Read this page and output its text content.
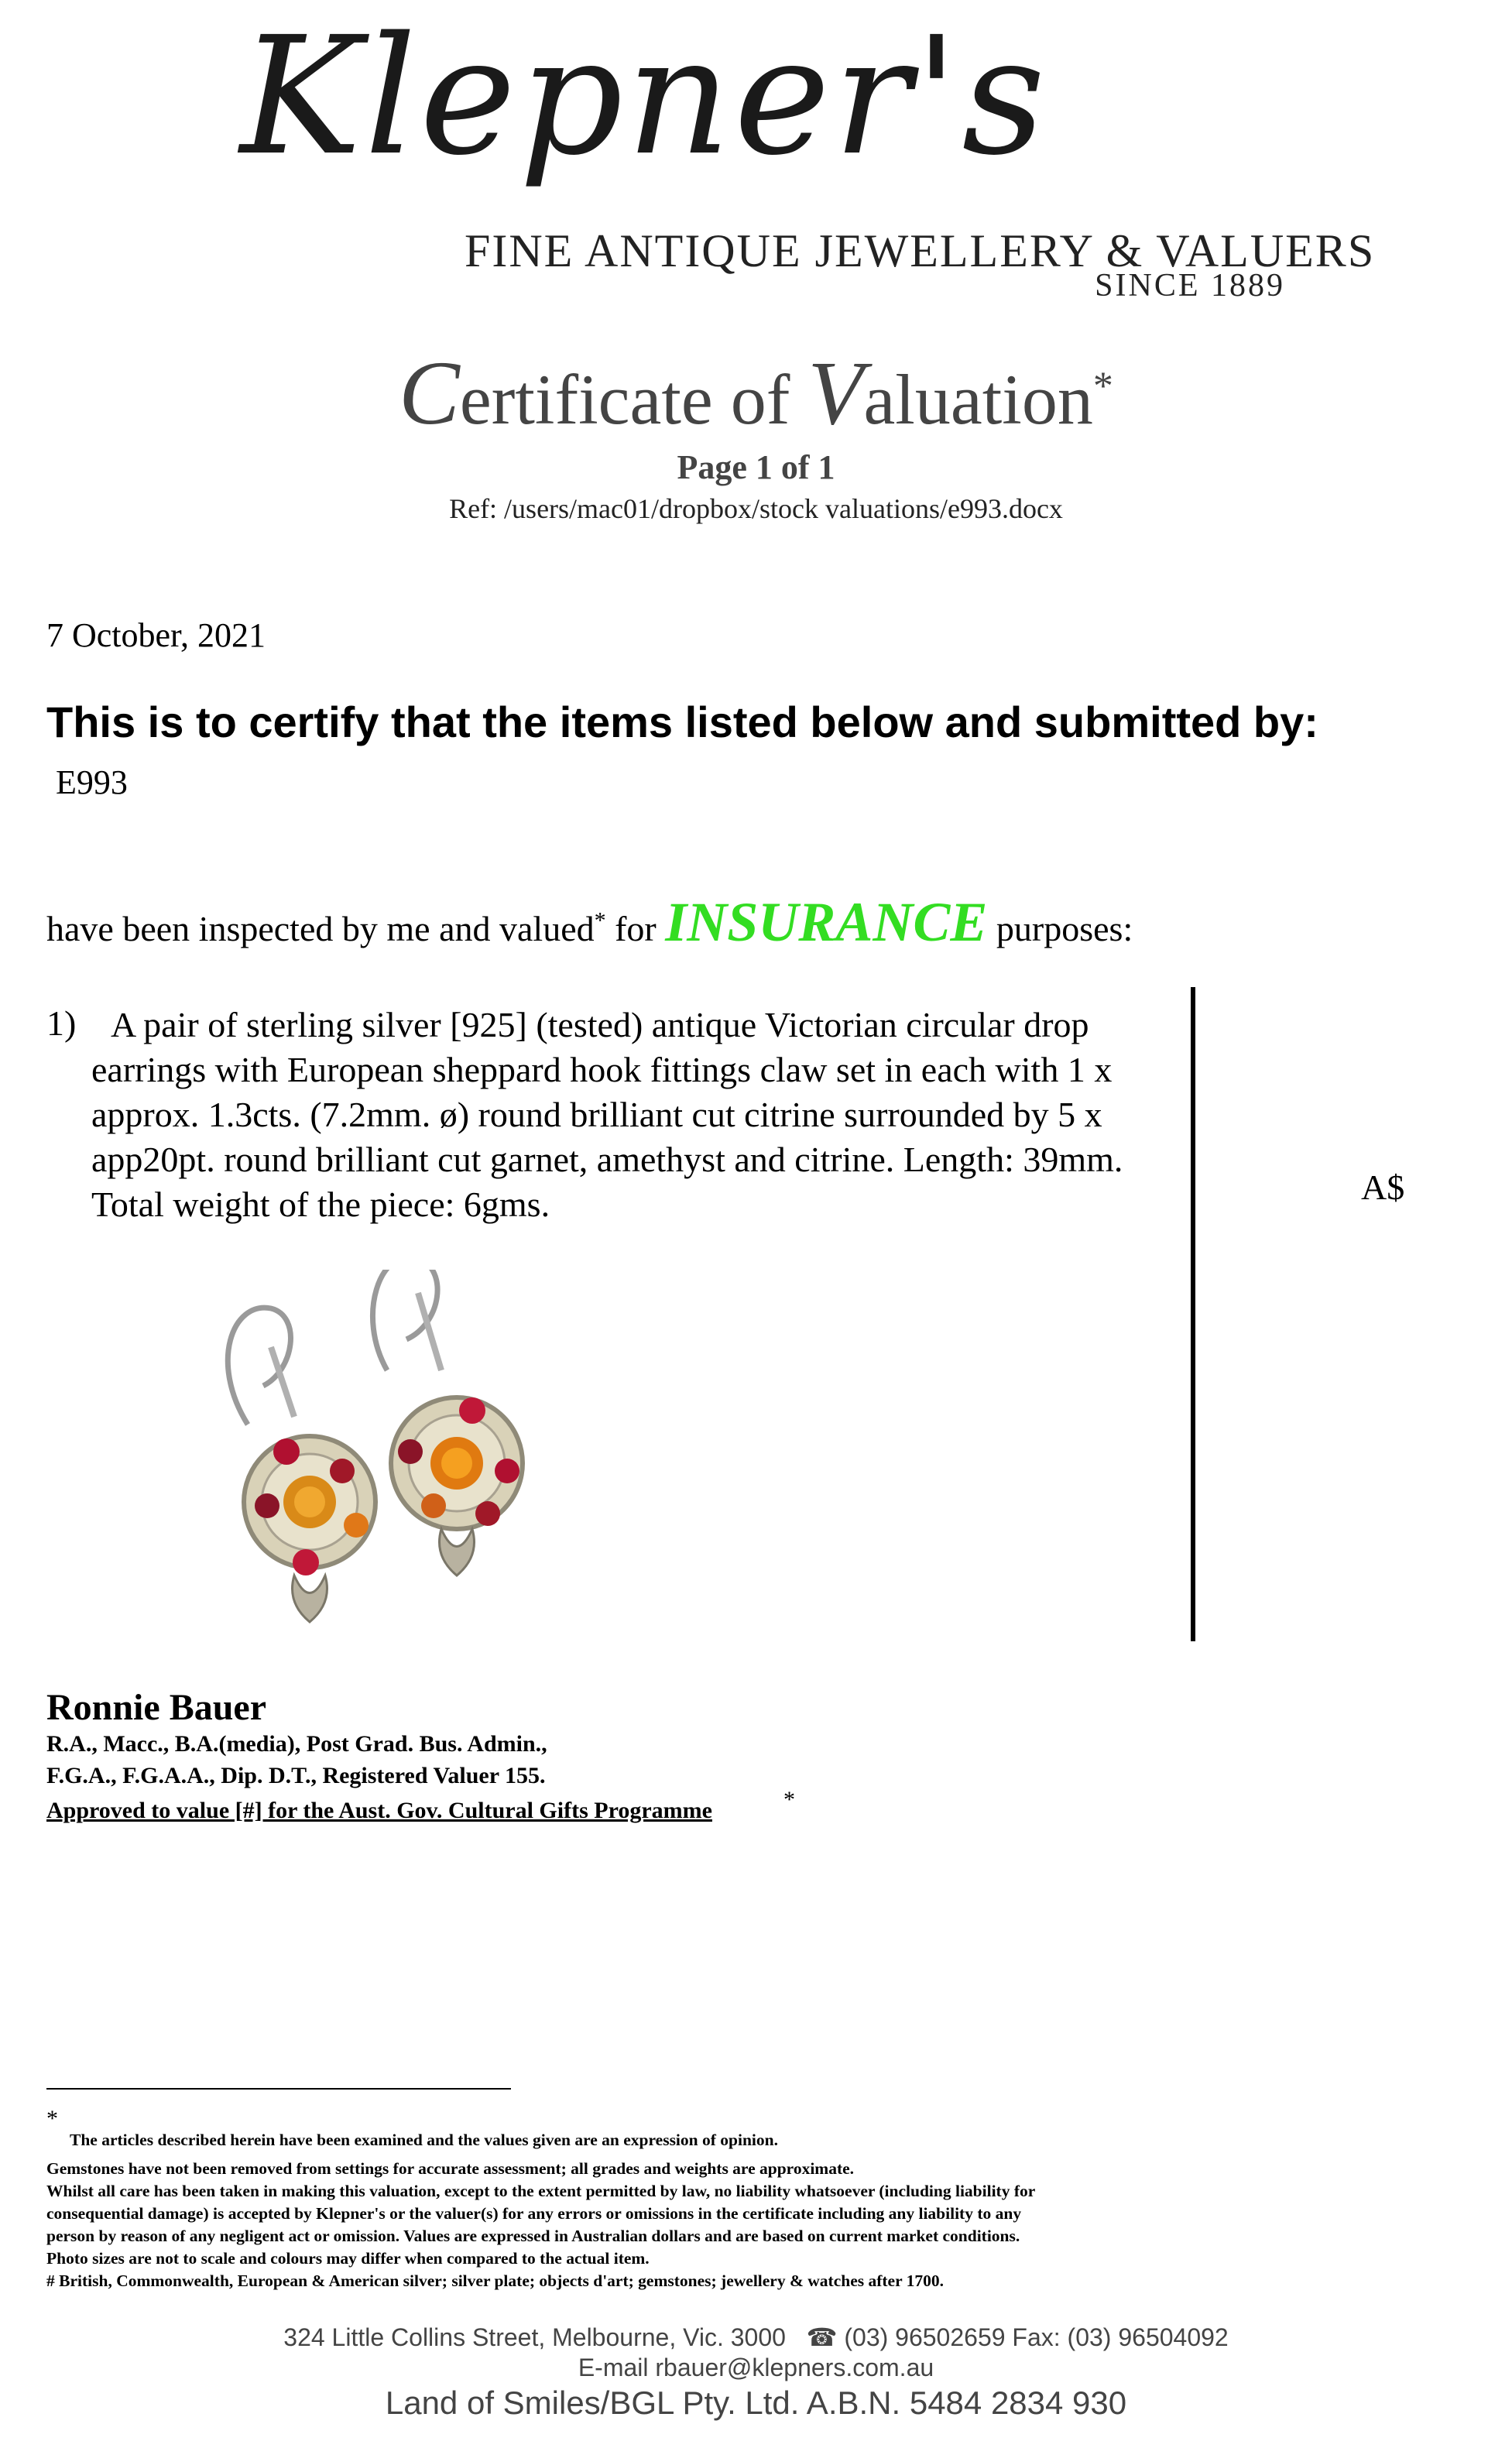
Klepner's
FINE ANTIQUE JEWELLERY & VALUERS
SINCE 1889
Certificate of Valuation*
Page 1 of 1
Ref: /users/mac01/dropbox/stock valuations/e993.docx
7 October, 2021
This is to certify that the items listed below and submitted by:
E993
have been inspected by me and valued* for INSURANCE purposes:
1) A pair of sterling silver [925] (tested) antique Victorian circular drop earrings with European sheppard hook fittings claw set in each with 1 x approx. 1.3cts. (7.2mm. ø) round brilliant cut citrine surrounded by 5 x app20pt. round brilliant cut garnet, amethyst and citrine. Length: 39mm. Total weight of the piece: 6gms.	A$
Ronnie Bauer
R.A., Macc., B.A.(media), Post Grad. Bus. Admin.,
F.G.A., F.G.A.A., Dip. D.T., Registered Valuer 155.
Approved to value [#] for the Aust. Gov. Cultural Gifts Programme	*
*

The articles described herein have been examined and the values given are an expression of opinion.

Gemstones have not been removed from settings for accurate assessment; all grades and weights are approximate.

Whilst all care has been taken in making this valuation, except to the extent permitted by law, no liability whatsoever (including liability for

consequential damage) is accepted by Klepner's or the valuer(s) for any errors or omissions in the certificate including any liability to any

person by reason of any negligent act or omission. Values are expressed in Australian dollars and are based on current market conditions.

Photo sizes are not to scale and colours may differ when compared to the actual item.

# British, Commonwealth, European & American silver; silver plate; objects d'art; gemstones; jewellery & watches after 1700.

324 Little Collins Street, Melbourne, Vic. 3000 ☎ (03) 96502659 Fax: (03) 96504092
E-mail rbauer@klepners.com.au
Land of Smiles/BGL Pty. Ltd. A.B.N. 5484 2834 930
